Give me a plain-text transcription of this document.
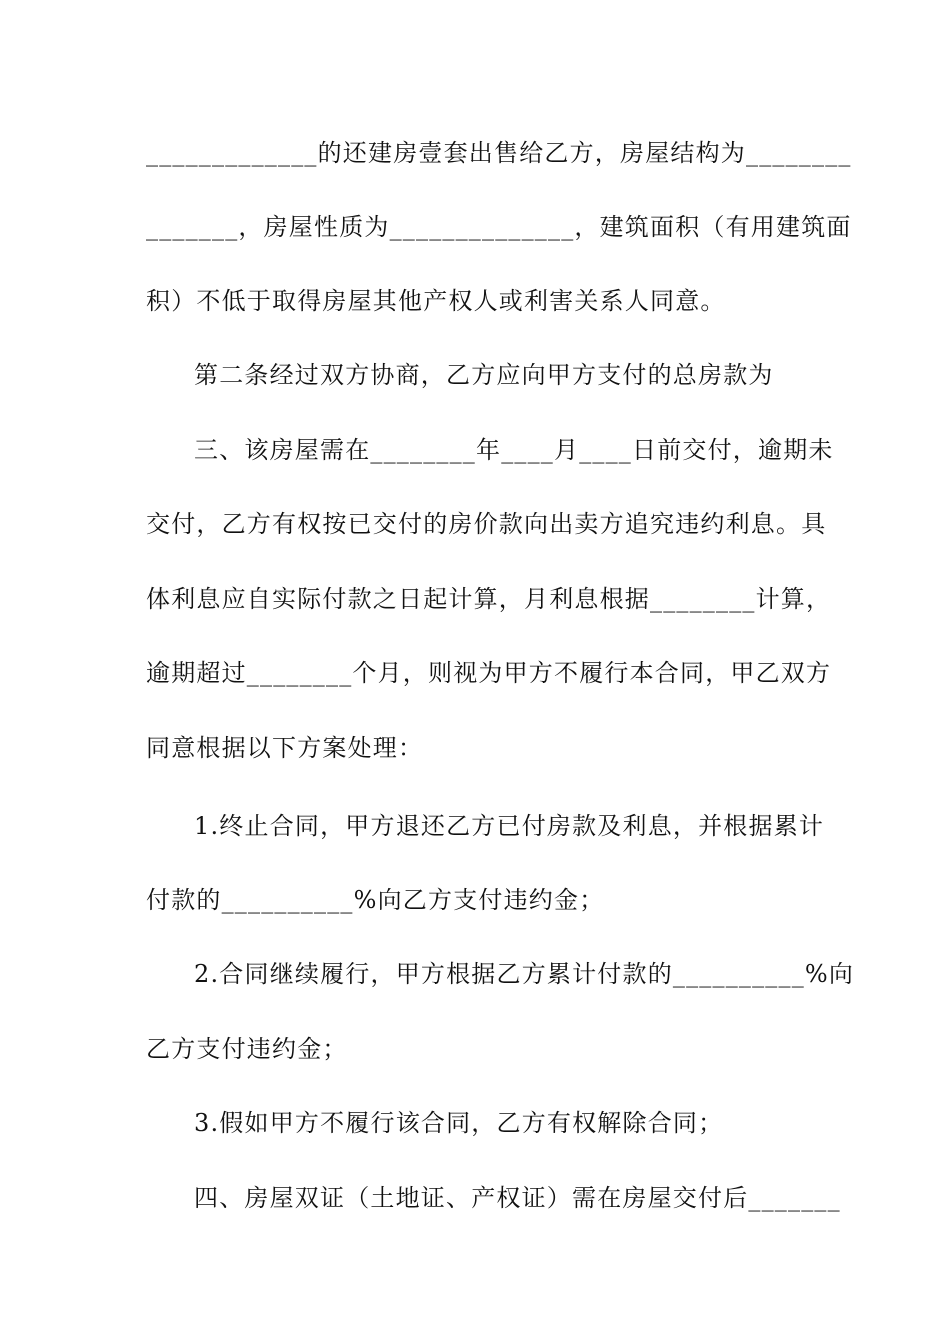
_____________的还建房壹套出售给乙方，房屋结构为________
_______，房屋性质为______________，建筑面积（有用建筑面
积）不低于取得房屋其他产权人或利害关系人同意。
第二条经过双方协商，乙方应向甲方支付的总房款为
三、该房屋需在________年____月____日前交付，逾期未
交付，乙方有权按已交付的房价款向出卖方追究违约利息。具
体利息应自实际付款之日起计算，月利息根据________计算，
逾期超过________个月，则视为甲方不履行本合同，甲乙双方
同意根据以下方案处理：
1.终止合同，甲方退还乙方已付房款及利息，并根据累计
付款的__________%向乙方支付违约金；
2.合同继续履行，甲方根据乙方累计付款的__________%向
乙方支付违约金；
3.假如甲方不履行该合同，乙方有权解除合同；
四、房屋双证（土地证、产权证）需在房屋交付后_______
